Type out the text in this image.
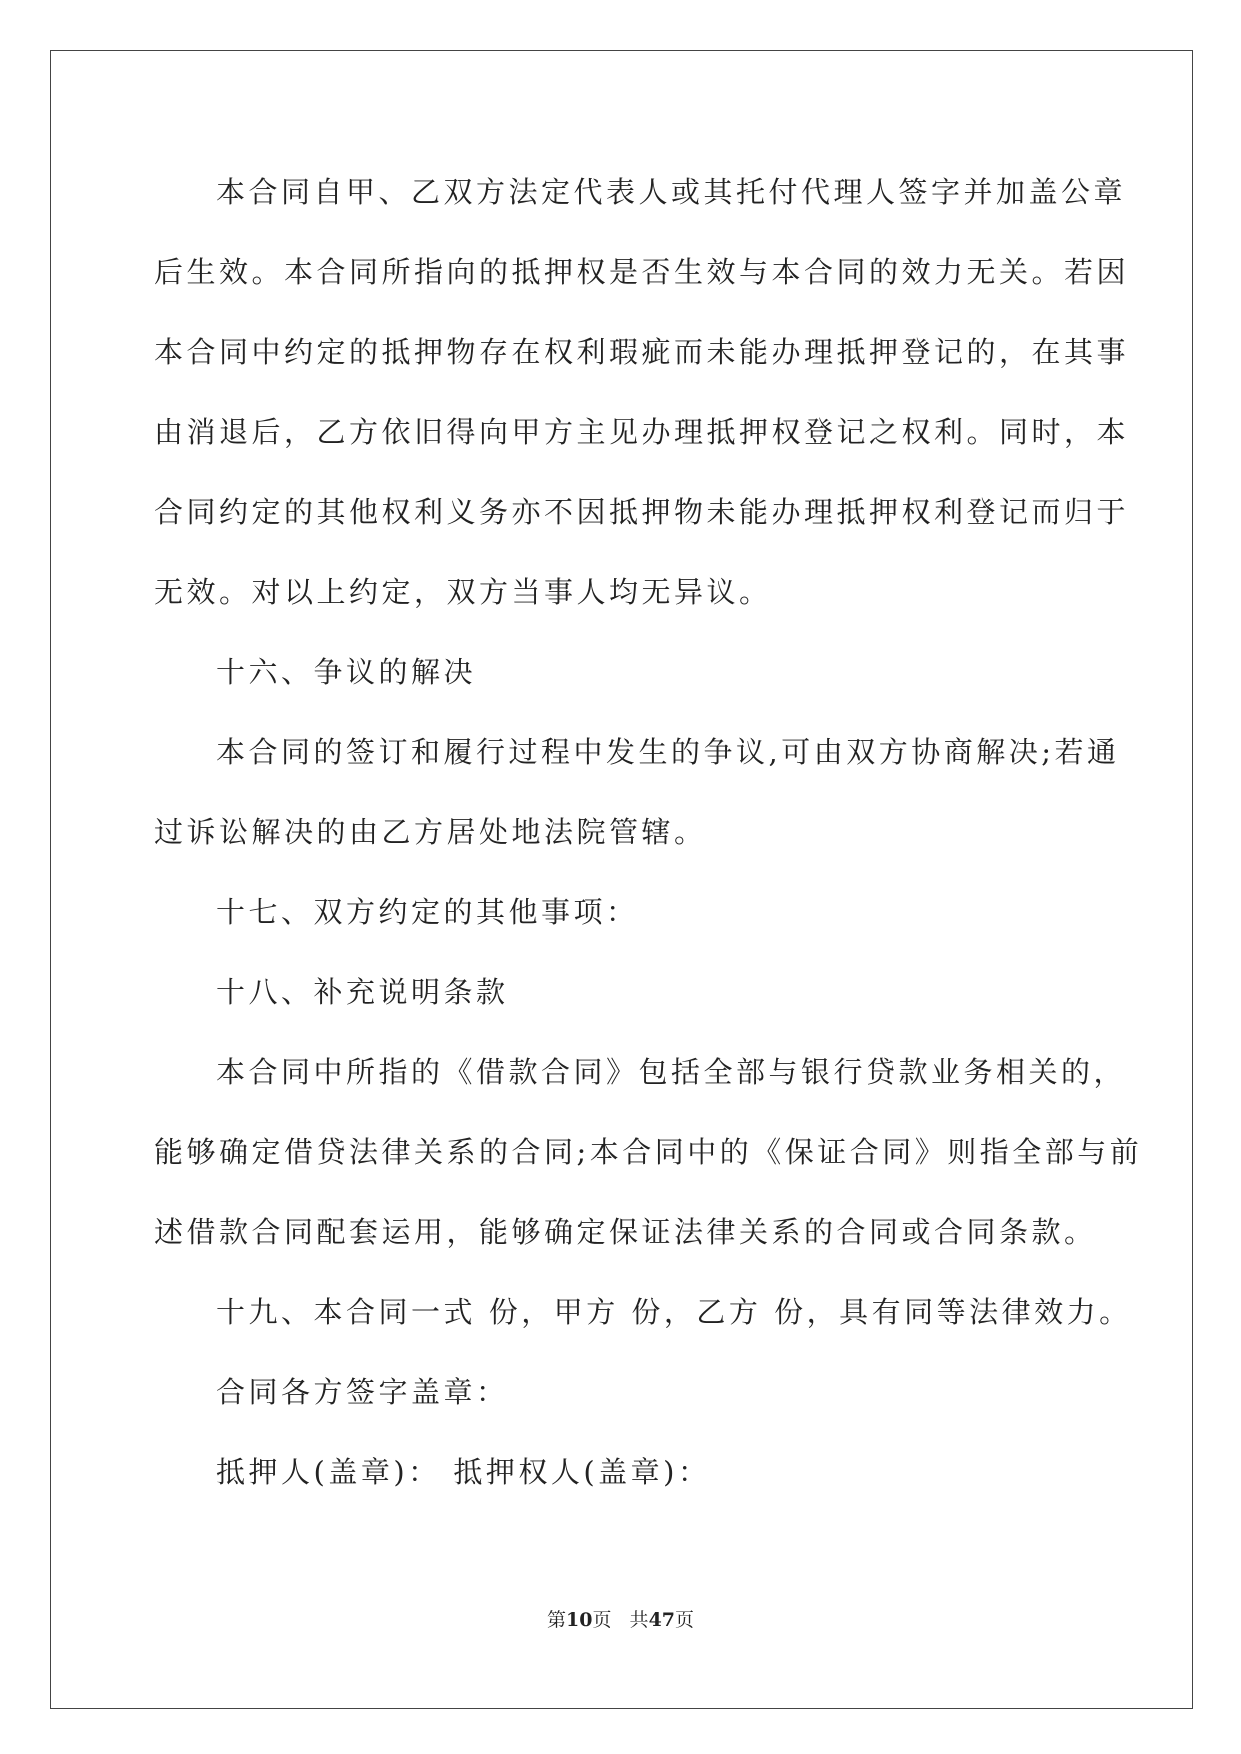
本合同自甲、乙双方法定代表人或其托付代理人签字并加盖公章
后生效。本合同所指向的抵押权是否生效与本合同的效力无关。若因
本合同中约定的抵押物存在权利瑕疵而未能办理抵押登记的，在其事
由消退后，乙方依旧得向甲方主见办理抵押权登记之权利。同时，本
合同约定的其他权利义务亦不因抵押物未能办理抵押权利登记而归于
无效。对以上约定，双方当事人均无异议。
十六、争议的解决
本合同的签订和履行过程中发生的争议,可由双方协商解决;若通
过诉讼解决的由乙方居处地法院管辖。
十七、双方约定的其他事项：
十八、补充说明条款
本合同中所指的《借款合同》包括全部与银行贷款业务相关的，
能够确定借贷法律关系的合同;本合同中的《保证合同》则指全部与前
述借款合同配套运用，能够确定保证法律关系的合同或合同条款。
十九、本合同一式 份，甲方 份，乙方 份，具有同等法律效力。
合同各方签字盖章：
抵押人(盖章)： 抵押权人(盖章)：
第10页   共47页
